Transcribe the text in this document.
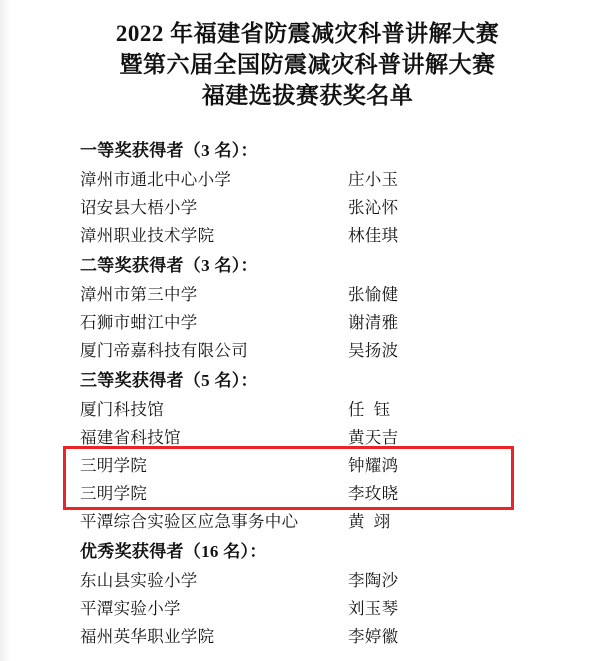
2022 年福建省防震减灾科普讲解大赛
暨第六届全国防震减灾科普讲解大赛
福建选拔赛获奖名单
一等奖获得者（3 名）：
漳州市通北中心小学	庄小玉
诏安县大梧小学	张沁怀
漳州职业技术学院	林佳琪
二等奖获得者（3 名）：
漳州市第三中学	张愉健
石狮市蚶江中学	谢清雅
厦门帝嘉科技有限公司	吴扬波
三等奖获得者（5 名）：
厦门科技馆	任  钰
福建省科技馆	黄天吉
三明学院	钟耀鸿
三明学院	李玫晓
平潭综合实验区应急事务中心	黄  翊
优秀奖获得者（16 名）：
东山县实验小学	李陶沙
平潭实验小学	刘玉琴
福州英华职业学院	李婷徽
